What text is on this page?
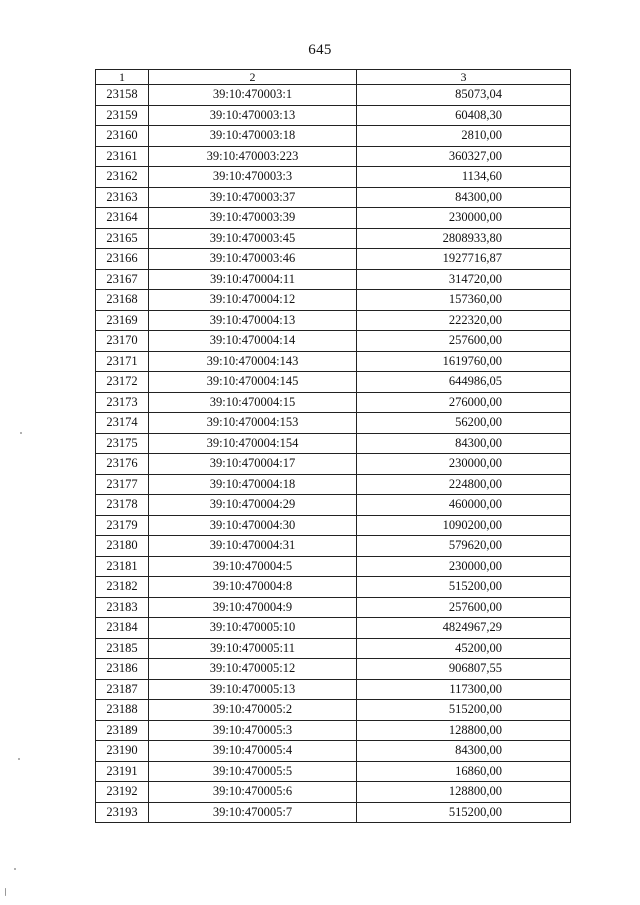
645
1	2	3
23158	39:10:470003:1	85073,04
23159	39:10:470003:13	60408,30
23160	39:10:470003:18	2810,00
23161	39:10:470003:223	360327,00
23162	39:10:470003:3	1134,60
23163	39:10:470003:37	84300,00
23164	39:10:470003:39	230000,00
23165	39:10:470003:45	2808933,80
23166	39:10:470003:46	1927716,87
23167	39:10:470004:11	314720,00
23168	39:10:470004:12	157360,00
23169	39:10:470004:13	222320,00
23170	39:10:470004:14	257600,00
23171	39:10:470004:143	1619760,00
23172	39:10:470004:145	644986,05
23173	39:10:470004:15	276000,00
23174	39:10:470004:153	56200,00
23175	39:10:470004:154	84300,00
23176	39:10:470004:17	230000,00
23177	39:10:470004:18	224800,00
23178	39:10:470004:29	460000,00
23179	39:10:470004:30	1090200,00
23180	39:10:470004:31	579620,00
23181	39:10:470004:5	230000,00
23182	39:10:470004:8	515200,00
23183	39:10:470004:9	257600,00
23184	39:10:470005:10	4824967,29
23185	39:10:470005:11	45200,00
23186	39:10:470005:12	906807,55
23187	39:10:470005:13	117300,00
23188	39:10:470005:2	515200,00
23189	39:10:470005:3	128800,00
23190	39:10:470005:4	84300,00
23191	39:10:470005:5	16860,00
23192	39:10:470005:6	128800,00
23193	39:10:470005:7	515200,00
